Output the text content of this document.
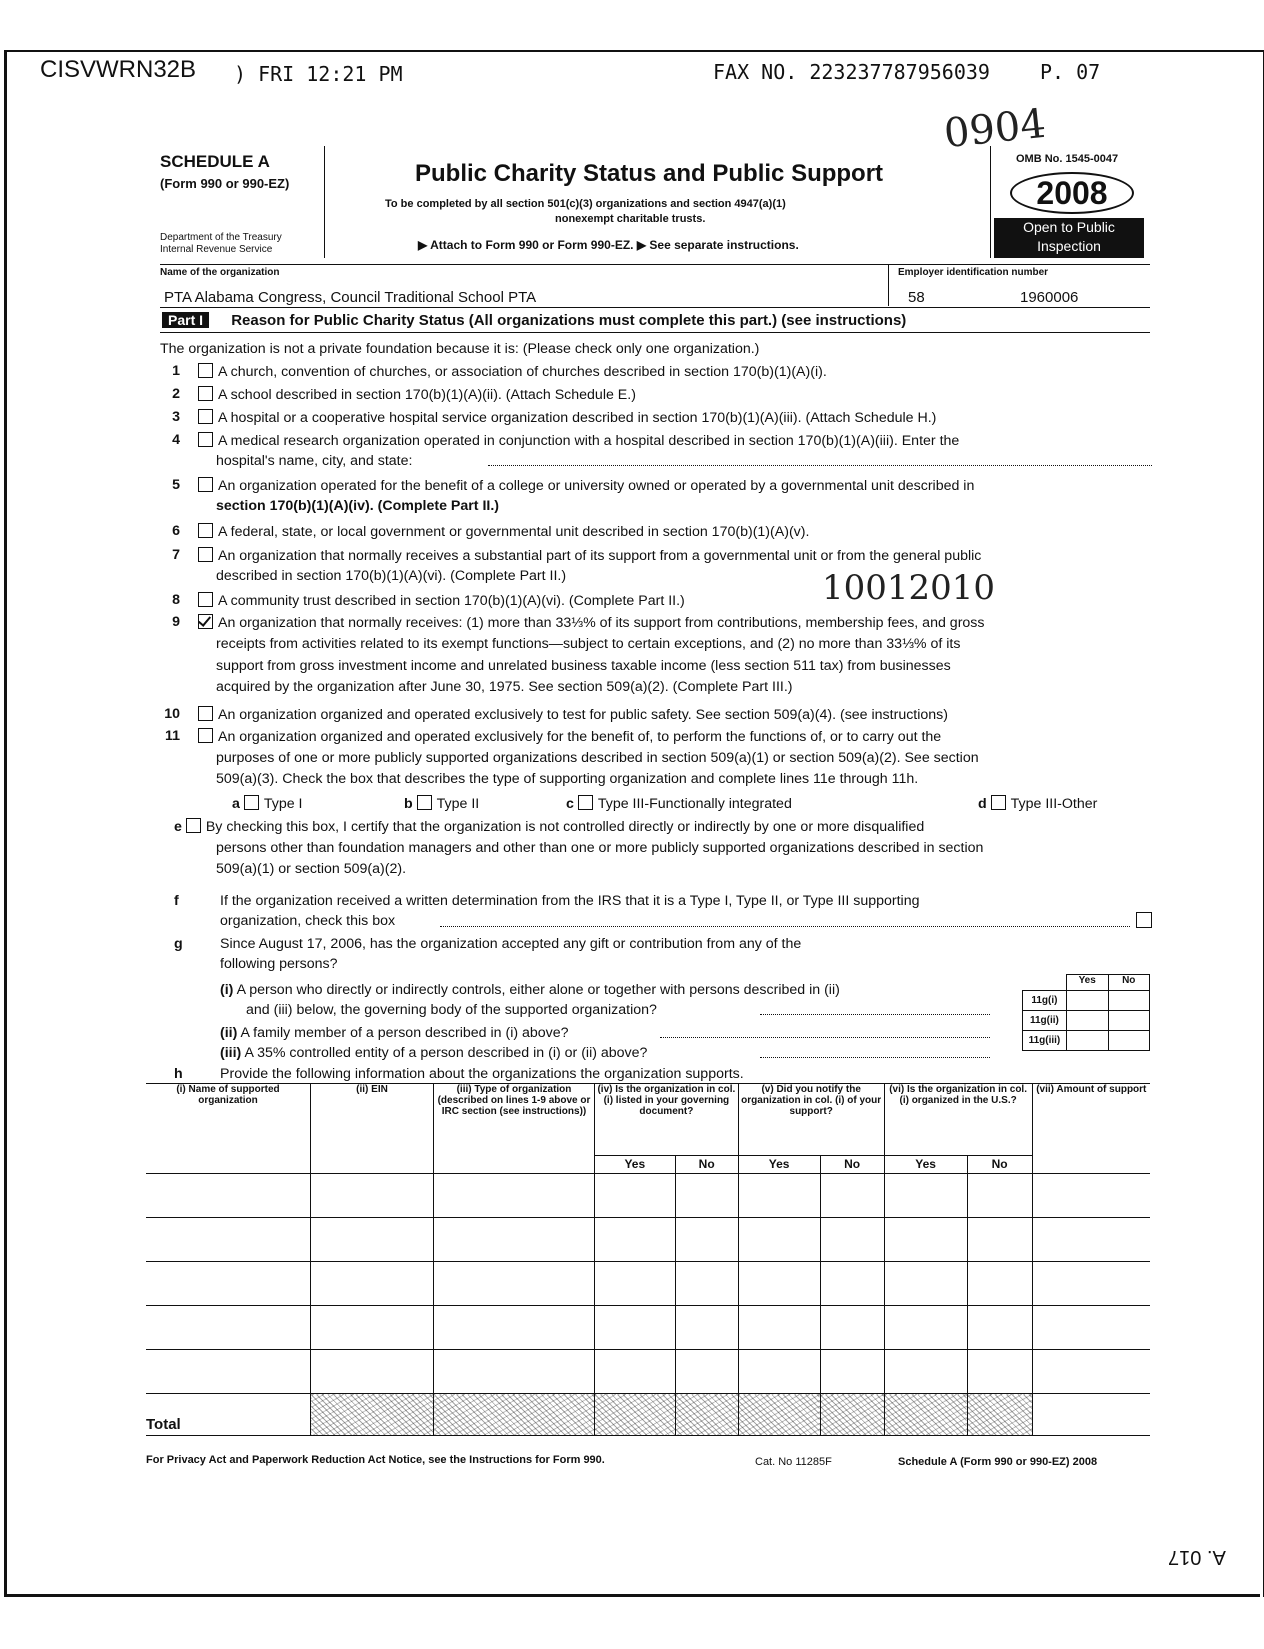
CISVWRN32B ) FRI 12:21 PM	FAX NO. 223237787956039	P. 07
0904
10012010
SCHEDULE A
(Form 990 or 990-EZ)
Department of the Treasury
Internal Revenue Service
Public Charity Status and Public Support
To be completed by all section 501(c)(3) organizations and section 4947(a)(1)
nonexempt charitable trusts.
▶ Attach to Form 990 or Form 990-EZ. ▶ See separate instructions.
OMB No. 1545-0047
2008
Open to Public
Inspection
Name of the organization	Employer identification number
PTA Alabama Congress, Council Traditional School PTA	58	1960006
Part I Reason for Public Charity Status (All organizations must complete this part.) (see instructions)
The organization is not a private foundation because it is: (Please check only one organization.)
1	A church, convention of churches, or association of churches described in section 170(b)(1)(A)(i).
2	A school described in section 170(b)(1)(A)(ii). (Attach Schedule E.)
3	A hospital or a cooperative hospital service organization described in section 170(b)(1)(A)(iii). (Attach Schedule H.)
4	A medical research organization operated in conjunction with a hospital described in section 170(b)(1)(A)(iii). Enter the
hospital's name, city, and state:
5	An organization operated for the benefit of a college or university owned or operated by a governmental unit described in
section 170(b)(1)(A)(iv). (Complete Part II.)
6	A federal, state, or local government or governmental unit described in section 170(b)(1)(A)(v).
7	An organization that normally receives a substantial part of its support from a governmental unit or from the general public
described in section 170(b)(1)(A)(vi). (Complete Part II.)
8	A community trust described in section 170(b)(1)(A)(vi). (Complete Part II.)
9	An organization that normally receives: (1) more than 33⅓% of its support from contributions, membership fees, and gross
receipts from activities related to its exempt functions—subject to certain exceptions, and (2) no more than 33⅓% of its
support from gross investment income and unrelated business taxable income (less section 511 tax) from businesses
acquired by the organization after June 30, 1975. See section 509(a)(2). (Complete Part III.)
10	An organization organized and operated exclusively to test for public safety. See section 509(a)(4). (see instructions)
11	An organization organized and operated exclusively for the benefit of, to perform the functions of, or to carry out the
purposes of one or more publicly supported organizations described in section 509(a)(1) or section 509(a)(2). See section
509(a)(3). Check the box that describes the type of supporting organization and complete lines 11e through 11h.
a Type I	b Type II	c Type III-Functionally integrated	d Type III-Other
e By checking this box, I certify that the organization is not controlled directly or indirectly by one or more disqualified
persons other than foundation managers and other than one or more publicly supported organizations described in section
509(a)(1) or section 509(a)(2).
f	If the organization received a written determination from the IRS that it is a Type I, Type II, or Type III supporting
organization, check this box
g	Since August 17, 2006, has the organization accepted any gift or contribution from any of the
following persons?
(i) A person who directly or indirectly controls, either alone or together with persons described in (ii)
and (iii) below, the governing body of the supported organization?
(ii) A family member of a person described in (i) above?
(iii) A 35% controlled entity of a person described in (i) or (ii) above?
	Yes	No
11g(i)		
11g(ii)		
11g(iii)		
h	Provide the following information about the organizations the organization supports.
(i) Name of supported organization	(ii) EIN	(iii) Type of organization (described on lines 1-9 above or IRC section (see instructions))	(iv) Is the organization in col. (i) listed in your governing document?		(v) Did you notify the organization in col. (i) of your support?		(vi) Is the organization in col. (i) organized in the U.S.?		(vii) Amount of support
			Yes	No	Yes	No	Yes	No	

Total									
For Privacy Act and Paperwork Reduction Act Notice, see the Instructions for Form 990.	Cat. No 11285F	Schedule A (Form 990 or 990-EZ) 2008
A. 017
